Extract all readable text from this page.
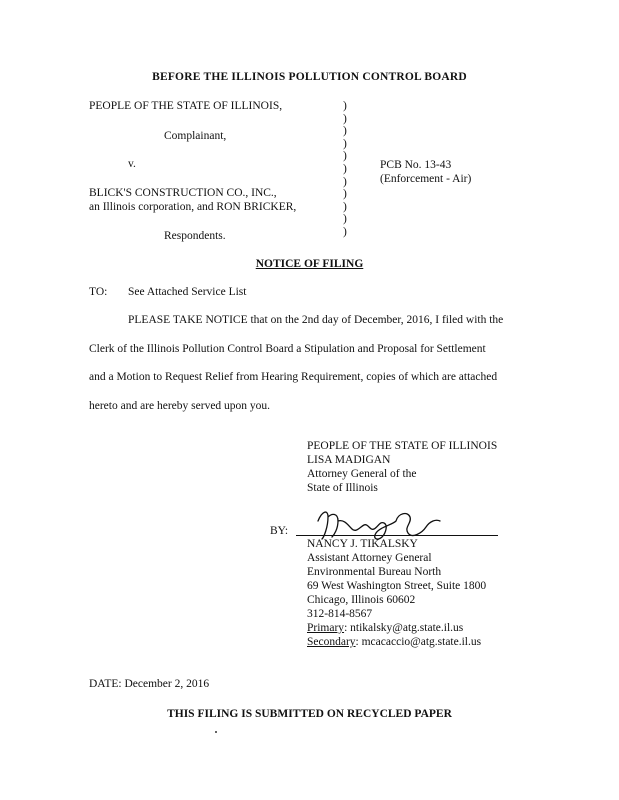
BEFORE THE ILLINOIS POLLUTION CONTROL BOARD
PEOPLE OF THE STATE OF ILLINOIS,
Complainant,
v.
BLICK'S CONSTRUCTION CO., INC.,
an Illinois corporation, and RON BRICKER,
Respondents.
)
)
)
)
)
)
)
)
)
)
)
PCB No. 13-43
(Enforcement - Air)
NOTICE OF FILING
TO: See Attached Service List
PLEASE TAKE NOTICE that on the 2nd day of December, 2016, I filed with the
Clerk of the Illinois Pollution Control Board a Stipulation and Proposal for Settlement
and a Motion to Request Relief from Hearing Requirement, copies of which are attached
hereto and are hereby served upon you.
PEOPLE OF THE STATE OF ILLINOIS
LISA MADIGAN
Attorney General of the
State of Illinois
BY:
NANCY J. TIKALSKY
Assistant Attorney General
Environmental Bureau North
69 West Washington Street, Suite 1800
Chicago, Illinois 60602
312-814-8567
Primary: ntikalsky@atg.state.il.us
Secondary: mcacaccio@atg.state.il.us
DATE: December 2, 2016
THIS FILING IS SUBMITTED ON RECYCLED PAPER
